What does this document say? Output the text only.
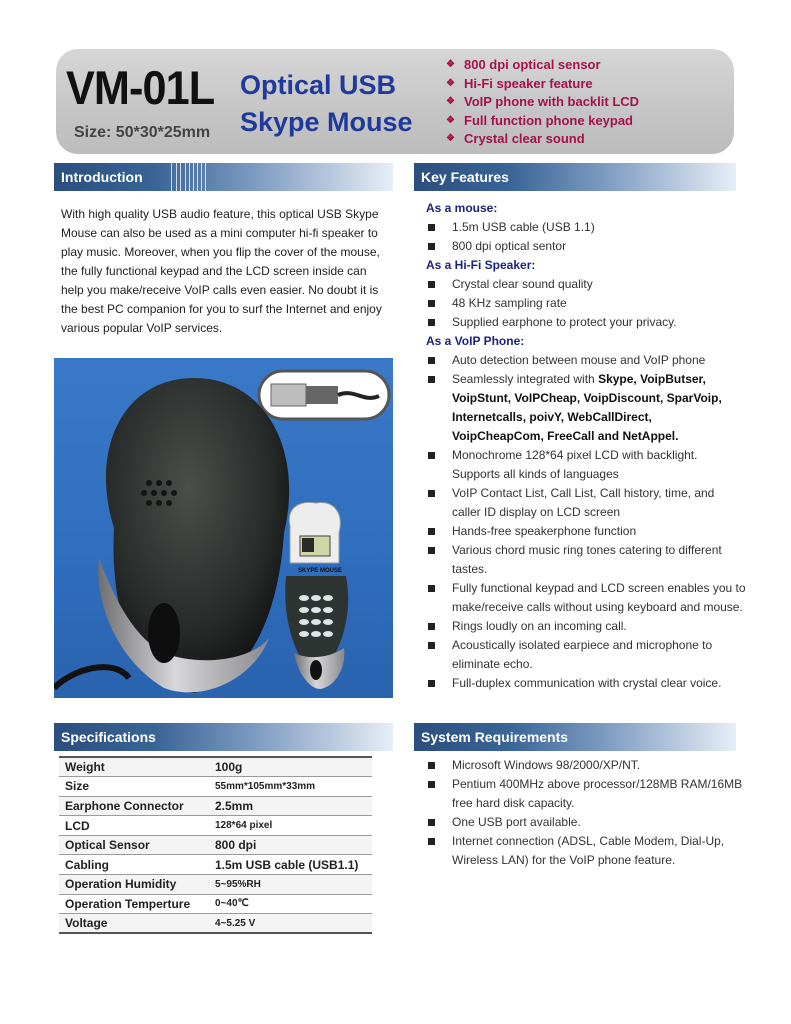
VM-01L
Size: 50*30*25mm
Optical USB
Skype Mouse
❖ 800 dpi optical sensor
❖ Hi-Fi speaker feature
❖ VoIP phone with backlit LCD
❖ Full function phone keypad
❖ Crystal clear sound
Introduction
With high quality USB audio feature, this optical USB Skype Mouse can also be used as a mini computer hi-fi speaker to play music. Moreover, when you flip the cover of the mouse, the fully functional keypad and the LCD screen inside can help you make/receive VoIP calls even easier. No doubt it is the best PC companion for you to surf the Internet and enjoy various popular VoIP services.
SKYPE MOUSE
Key Features
As a mouse:
1.5m USB cable (USB 1.1)
800 dpi optical sentor
As a Hi-Fi Speaker:
Crystal clear sound quality
48 KHz sampling rate
Supplied earphone to protect your privacy.
As a VoIP Phone:
Auto detection between mouse and VoIP phone
Seamlessly integrated with Skype, VoipButser, VoipStunt, VoIPCheap, VoipDiscount, SparVoip, Internetcalls, poivY, WebCallDirect, VoipCheapCom, FreeCall and NetAppel.
Monochrome 128*64 pixel LCD with backlight. Supports all kinds of languages
VoIP Contact List, Call List, Call history, time, and caller ID display on LCD screen
Hands-free speakerphone function
Various chord music ring tones catering to different tastes.
Fully functional keypad and LCD screen enables you to make/receive calls without using keyboard and mouse.
Rings loudly on an incoming call.
Acoustically isolated earpiece and microphone to eliminate echo.
Full-duplex communication with crystal clear voice.
Specifications
Weight	100g
Size	55mm*105mm*33mm
Earphone Connector	2.5mm
LCD	128*64 pixel
Optical Sensor	800 dpi
Cabling	1.5m USB cable (USB1.1)
Operation Humidity	5~95%RH
Operation Temperture	0~40℃
Voltage	4~5.25 V
System Requirements
Microsoft Windows 98/2000/XP/NT.
Pentium 400MHz above processor/128MB RAM/16MB free hard disk capacity.
One USB port available.
Internet connection (ADSL, Cable Modem, Dial-Up, Wireless LAN) for the VoIP phone feature.
